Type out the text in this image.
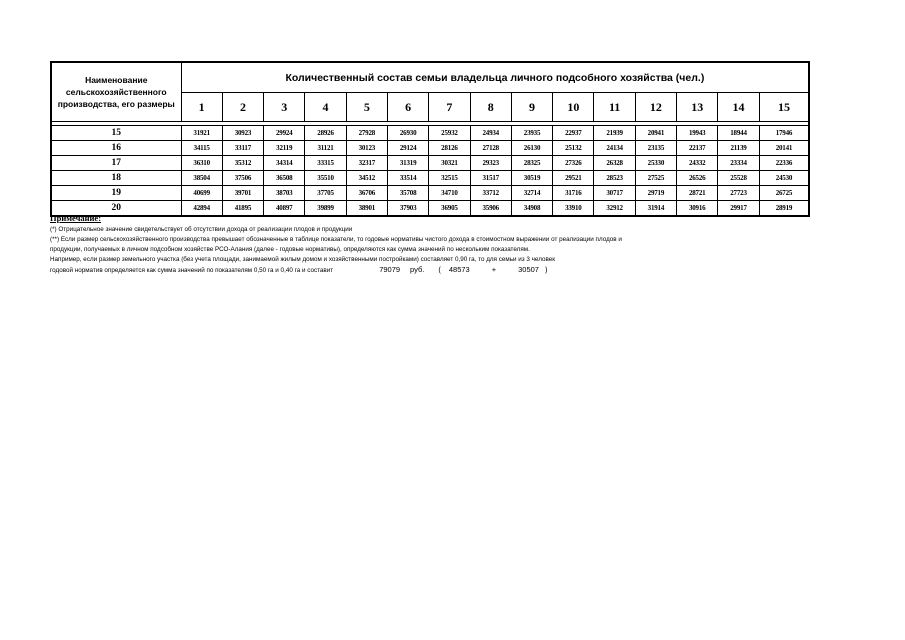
Наименование
сельскохозяйственного
производства, его размеры	Количественный состав семьи владельца личного подсобного хозяйства (чел.)														
	1	2	3	4	5	6	7	8	9	10	11	12	13	14	15

15	31921	30923	29924	28926	27928	26930	25932	24934	23935	22937	21939	20941	19943	18944	17946
16	34115	33117	32119	31121	30123	29124	28126	27128	26130	25132	24134	23135	22137	21139	20141
17	36310	35312	34314	33315	32317	31319	30321	29323	28325	27326	26328	25330	24332	23334	22336
18	38504	37506	36508	35510	34512	33514	32515	31517	30519	29521	28523	27525	26526	25528	24530
19	40699	39701	38703	37705	36706	35708	34710	33712	32714	31716	30717	29719	28721	27723	26725
20	42894	41895	40897	39899	38901	37903	36905	35906	34908	33910	32912	31914	30916	29917	28919
Примечание:
(*) Отрицательное значение свидетельствует об отсутствии дохода от реализации плодов и продукции
(**) Если размер сельскохозяйственного производства превышает обозначенные в таблице показатели, то годовые нормативы чистого дохода в стоимостном выражении от реализации плодов и
продукции, получаемых в личном подсобном хозяйстве РСО-Алания (далее - годовые нормативы), определяются как сумма значений по нескольким показателям.
Например, если размер земельного участка (без учета площади, занимаемой жилым домом и хозяйственными постройками) составляет 0,90 га, то для семьи из 3 человек
годовой норматив определяется как сумма значений по показателям 0,50 га и 0,40 га и составит	79079 руб. ( 48573	+	30507 )
